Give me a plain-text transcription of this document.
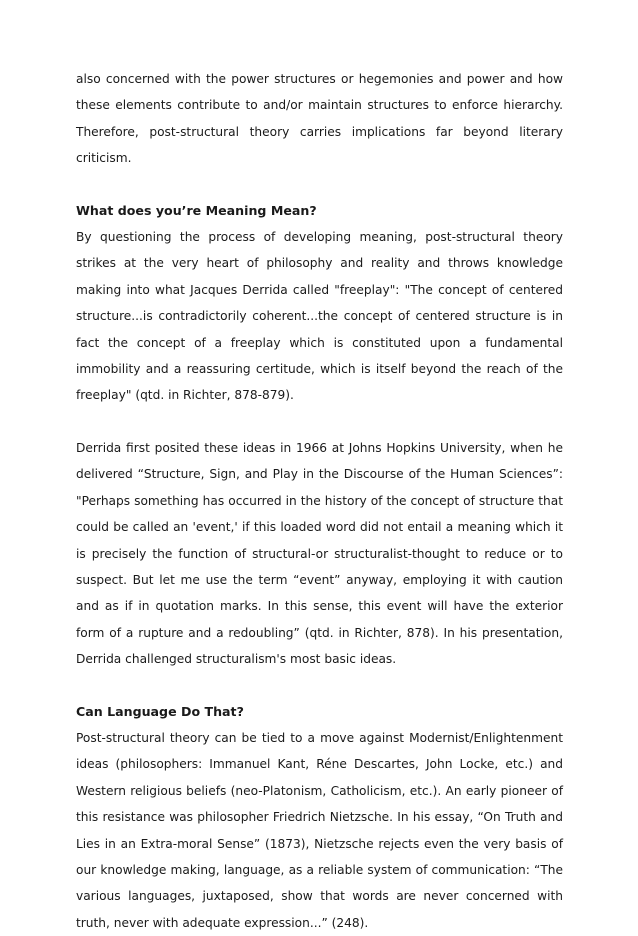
also concerned with the power structures or hegemonies and power and how these elements contribute to and/or maintain structures to enforce hierarchy. Therefore, post-structural theory carries implications far beyond literary criticism.

What does you’re Meaning Mean?

By questioning the process of developing meaning, post-structural theory strikes at the very heart of philosophy and reality and throws knowledge making into what Jacques Derrida called "freeplay": "The concept of centered structure...is contradictorily coherent...the concept of centered structure is in fact the concept of a freeplay which is constituted upon a fundamental immobility and a reassuring certitude, which is itself beyond the reach of the freeplay" (qtd. in Richter, 878-879).

Derrida first posited these ideas in 1966 at Johns Hopkins University, when he delivered “Structure, Sign, and Play in the Discourse of the Human Sciences”: "Perhaps something has occurred in the history of the concept of structure that could be called an 'event,' if this loaded word did not entail a meaning which it is precisely the function of structural-or structuralist-thought to reduce or to suspect. But let me use the term “event” anyway, employing it with caution and as if in quotation marks. In this sense, this event will have the exterior form of a rupture and a redoubling” (qtd. in Richter, 878). In his presentation, Derrida challenged structuralism's most basic ideas.

Can Language Do That?

Post-structural theory can be tied to a move against Modernist/Enlightenment ideas (philosophers: Immanuel Kant, Réne Descartes, John Locke, etc.) and Western religious beliefs (neo-Platonism, Catholicism, etc.). An early pioneer of this resistance was philosopher Friedrich Nietzsche. In his essay, “On Truth and Lies in an Extra-moral Sense” (1873), Nietzsche rejects even the very basis of our knowledge making, language, as a reliable system of communication: “The various languages, juxtaposed, show that words are never concerned with truth, never with adequate expression...” (248).
